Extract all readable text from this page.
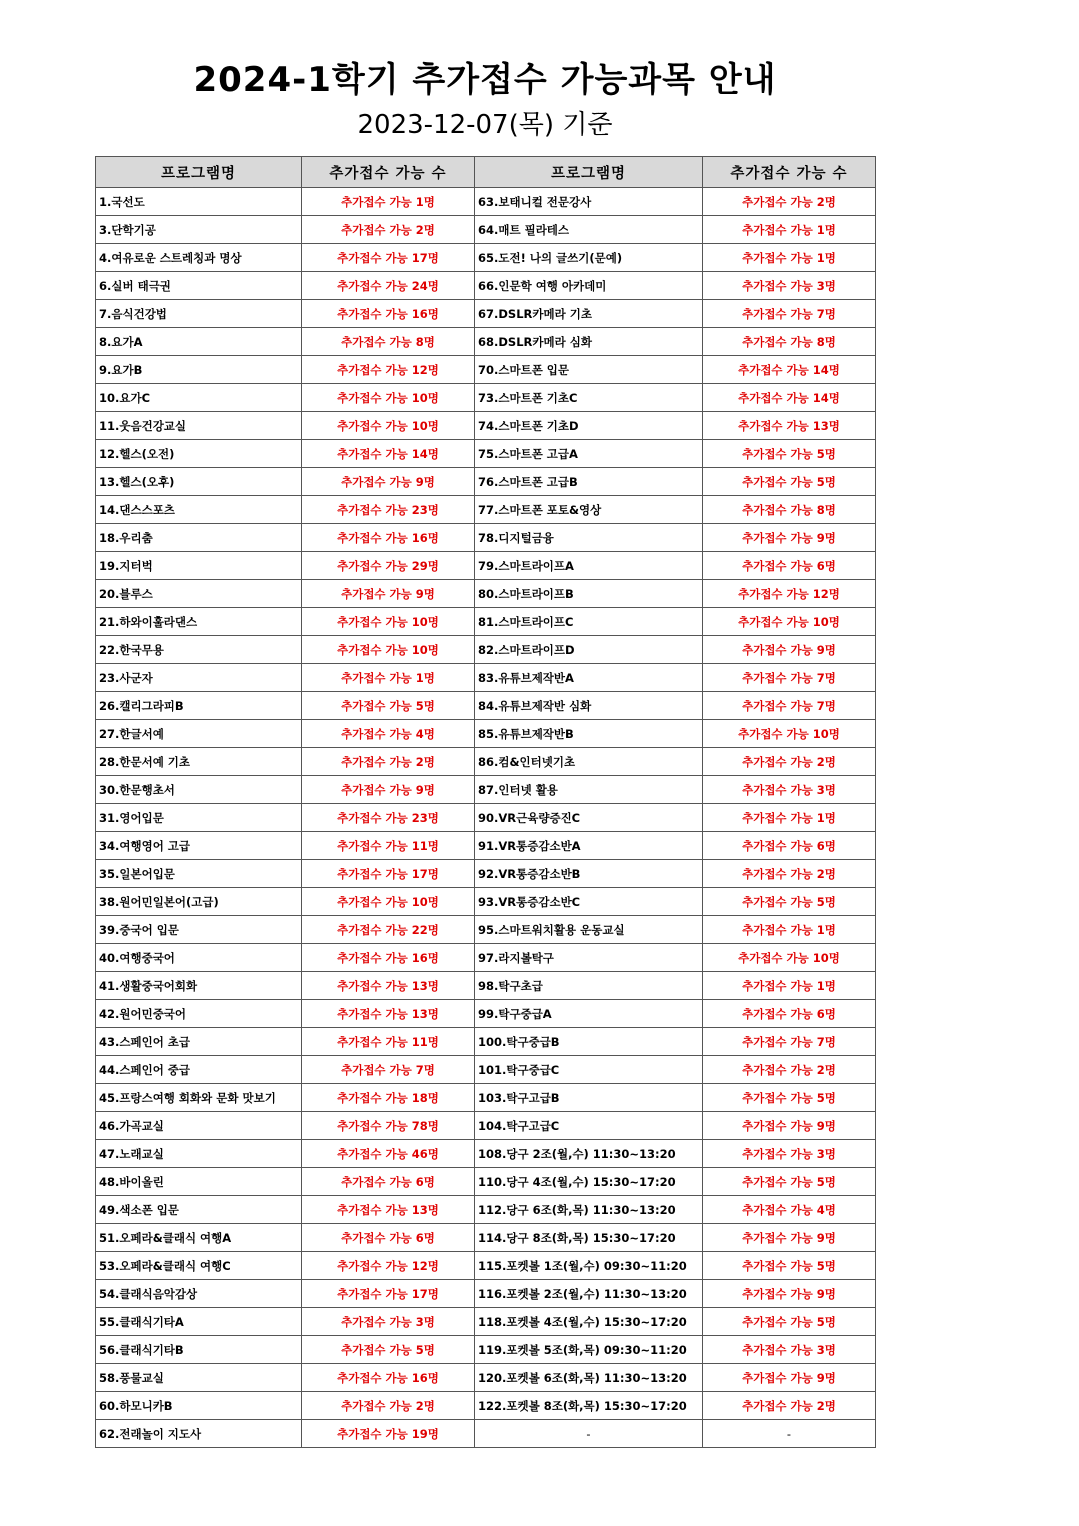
2024-1학기 추가접수 가능과목 안내
2023-12-07(목) 기준
프로그램명	추가접수 가능 수	프로그램명	추가접수 가능 수
1.국선도	추가접수 가능 1명	63.보태니컬 전문강사	추가접수 가능 2명
3.단학기공	추가접수 가능 2명	64.매트 필라테스	추가접수 가능 1명
4.여유로운 스트레칭과 명상	추가접수 가능 17명	65.도전! 나의 글쓰기(문예)	추가접수 가능 1명
6.실버 태극권	추가접수 가능 24명	66.인문학 여행 아카데미	추가접수 가능 3명
7.음식건강법	추가접수 가능 16명	67.DSLR카메라 기초	추가접수 가능 7명
8.요가A	추가접수 가능 8명	68.DSLR카메라 심화	추가접수 가능 8명
9.요가B	추가접수 가능 12명	70.스마트폰 입문	추가접수 가능 14명
10.요가C	추가접수 가능 10명	73.스마트폰 기초C	추가접수 가능 14명
11.웃음건강교실	추가접수 가능 10명	74.스마트폰 기초D	추가접수 가능 13명
12.헬스(오전)	추가접수 가능 14명	75.스마트폰 고급A	추가접수 가능 5명
13.헬스(오후)	추가접수 가능 9명	76.스마트폰 고급B	추가접수 가능 5명
14.댄스스포츠	추가접수 가능 23명	77.스마트폰 포토&영상	추가접수 가능 8명
18.우리춤	추가접수 가능 16명	78.디지털금융	추가접수 가능 9명
19.지터벅	추가접수 가능 29명	79.스마트라이프A	추가접수 가능 6명
20.블루스	추가접수 가능 9명	80.스마트라이프B	추가접수 가능 12명
21.하와이훌라댄스	추가접수 가능 10명	81.스마트라이프C	추가접수 가능 10명
22.한국무용	추가접수 가능 10명	82.스마트라이프D	추가접수 가능 9명
23.사군자	추가접수 가능 1명	83.유튜브제작반A	추가접수 가능 7명
26.캘리그라피B	추가접수 가능 5명	84.유튜브제작반 심화	추가접수 가능 7명
27.한글서예	추가접수 가능 4명	85.유튜브제작반B	추가접수 가능 10명
28.한문서예 기초	추가접수 가능 2명	86.컴&인터넷기초	추가접수 가능 2명
30.한문행초서	추가접수 가능 9명	87.인터넷 활용	추가접수 가능 3명
31.영어입문	추가접수 가능 23명	90.VR근육량증진C	추가접수 가능 1명
34.여행영어 고급	추가접수 가능 11명	91.VR통증감소반A	추가접수 가능 6명
35.일본어입문	추가접수 가능 17명	92.VR통증감소반B	추가접수 가능 2명
38.원어민일본어(고급)	추가접수 가능 10명	93.VR통증감소반C	추가접수 가능 5명
39.중국어 입문	추가접수 가능 22명	95.스마트워치활용 운동교실	추가접수 가능 1명
40.여행중국어	추가접수 가능 16명	97.라지볼탁구	추가접수 가능 10명
41.생활중국어회화	추가접수 가능 13명	98.탁구초급	추가접수 가능 1명
42.원어민중국어	추가접수 가능 13명	99.탁구중급A	추가접수 가능 6명
43.스페인어 초급	추가접수 가능 11명	100.탁구중급B	추가접수 가능 7명
44.스페인어 중급	추가접수 가능 7명	101.탁구중급C	추가접수 가능 2명
45.프랑스여행 회화와 문화 맛보기	추가접수 가능 18명	103.탁구고급B	추가접수 가능 5명
46.가곡교실	추가접수 가능 78명	104.탁구고급C	추가접수 가능 9명
47.노래교실	추가접수 가능 46명	108.당구 2조(월,수) 11:30~13:20	추가접수 가능 3명
48.바이올린	추가접수 가능 6명	110.당구 4조(월,수) 15:30~17:20	추가접수 가능 5명
49.색소폰 입문	추가접수 가능 13명	112.당구 6조(화,목) 11:30~13:20	추가접수 가능 4명
51.오페라&클래식 여행A	추가접수 가능 6명	114.당구 8조(화,목) 15:30~17:20	추가접수 가능 9명
53.오페라&클래식 여행C	추가접수 가능 12명	115.포켓볼 1조(월,수) 09:30~11:20	추가접수 가능 5명
54.클래식음악감상	추가접수 가능 17명	116.포켓볼 2조(월,수) 11:30~13:20	추가접수 가능 9명
55.클래식기타A	추가접수 가능 3명	118.포켓볼 4조(월,수) 15:30~17:20	추가접수 가능 5명
56.클래식기타B	추가접수 가능 5명	119.포켓볼 5조(화,목) 09:30~11:20	추가접수 가능 3명
58.풍물교실	추가접수 가능 16명	120.포켓볼 6조(화,목) 11:30~13:20	추가접수 가능 9명
60.하모니카B	추가접수 가능 2명	122.포켓볼 8조(화,목) 15:30~17:20	추가접수 가능 2명
62.전래놀이 지도사	추가접수 가능 19명	-	-
